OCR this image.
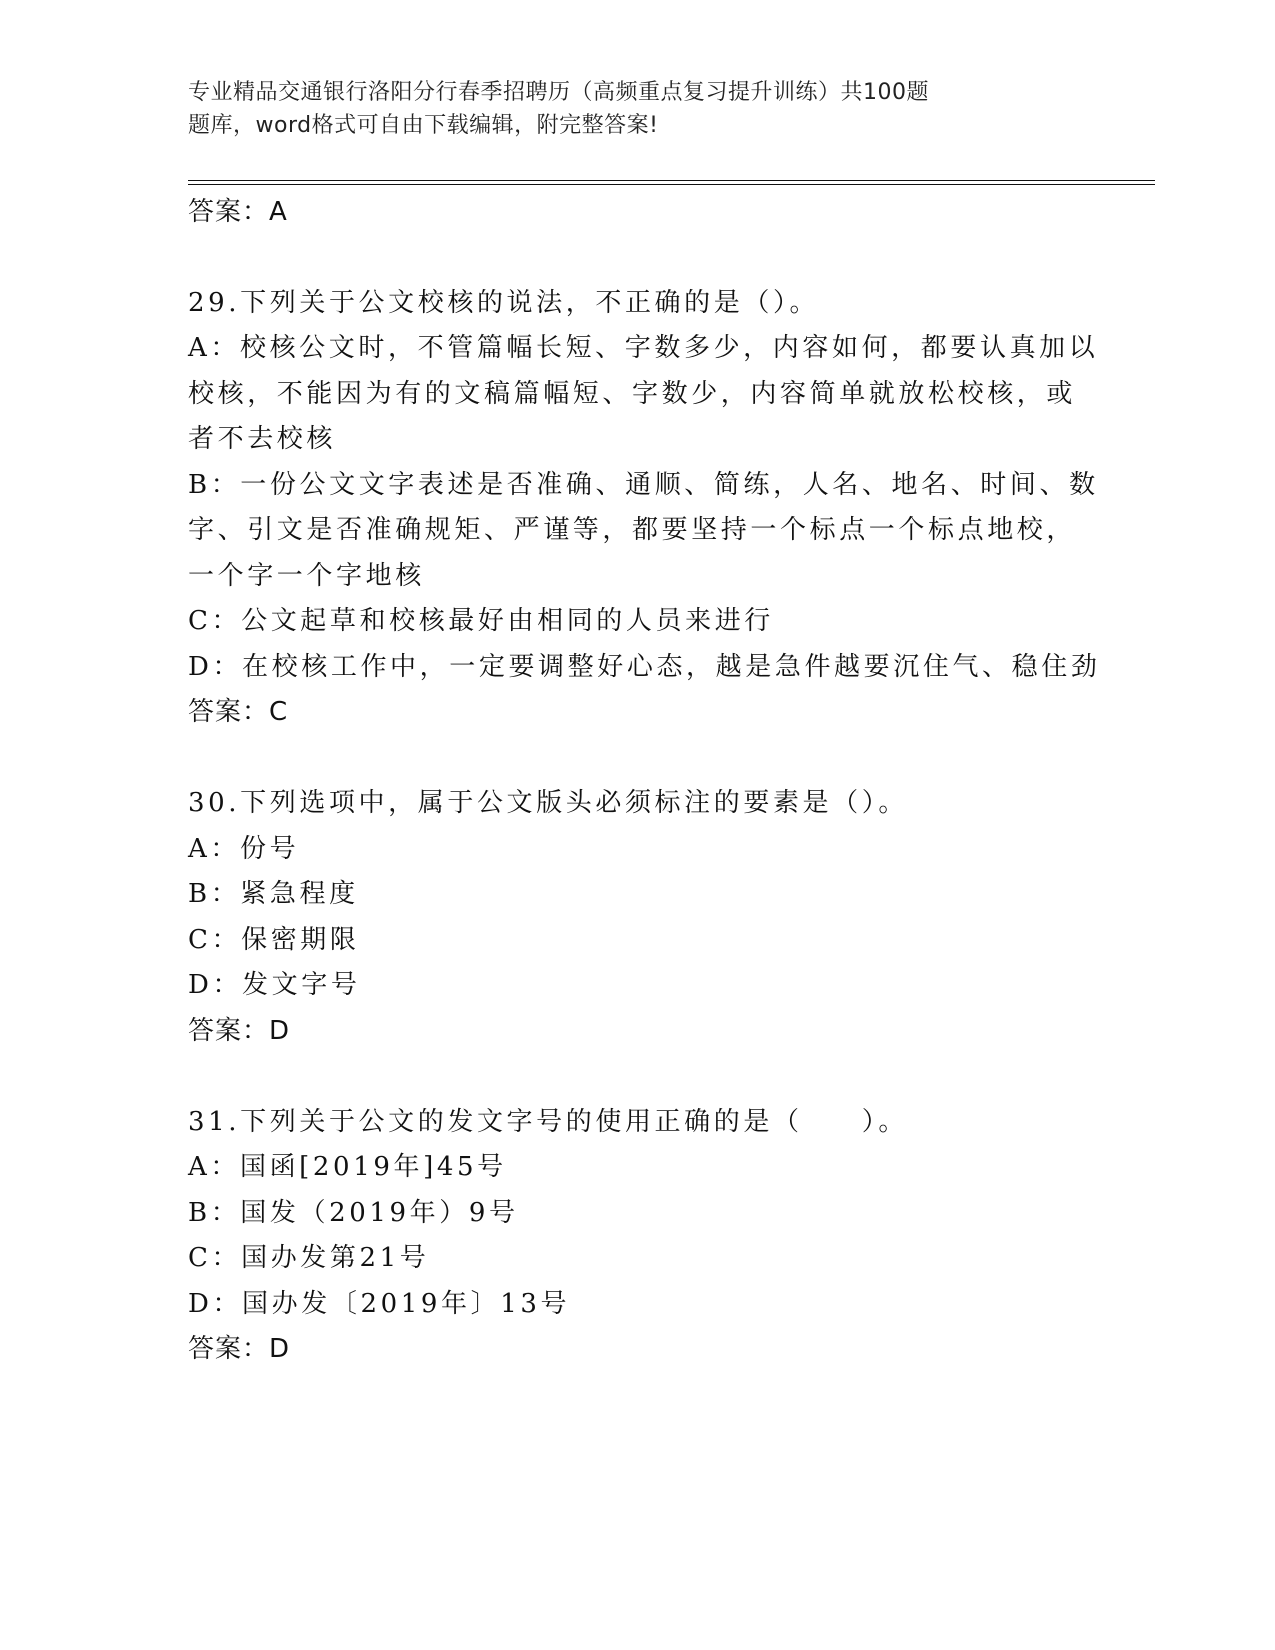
专业精品交通银行洛阳分行春季招聘历（高频重点复习提升训练）共100题
题库，word格式可自由下载编辑，附完整答案!
答案：A
29.下列关于公文校核的说法，不正确的是（）。
A：校核公文时，不管篇幅长短、字数多少，内容如何，都要认真加以
校核，不能因为有的文稿篇幅短、字数少，内容简单就放松校核，或
者不去校核
B：一份公文文字表述是否准确、通顺、简练，人名、地名、时间、数
字、引文是否准确规矩、严谨等，都要坚持一个标点一个标点地校，
一个字一个字地核
C：公文起草和校核最好由相同的人员来进行
D：在校核工作中，一定要调整好心态，越是急件越要沉住气、稳住劲
答案：C
30.下列选项中，属于公文版头必须标注的要素是（）。
A：份号
B：紧急程度
C：保密期限
D：发文字号
答案：D
31.下列关于公文的发文字号的使用正确的是（　　）。
A：国函[2019年]45号
B：国发（2019年）9号
C：国办发第21号
D：国办发〔2019年〕13号
答案：D
